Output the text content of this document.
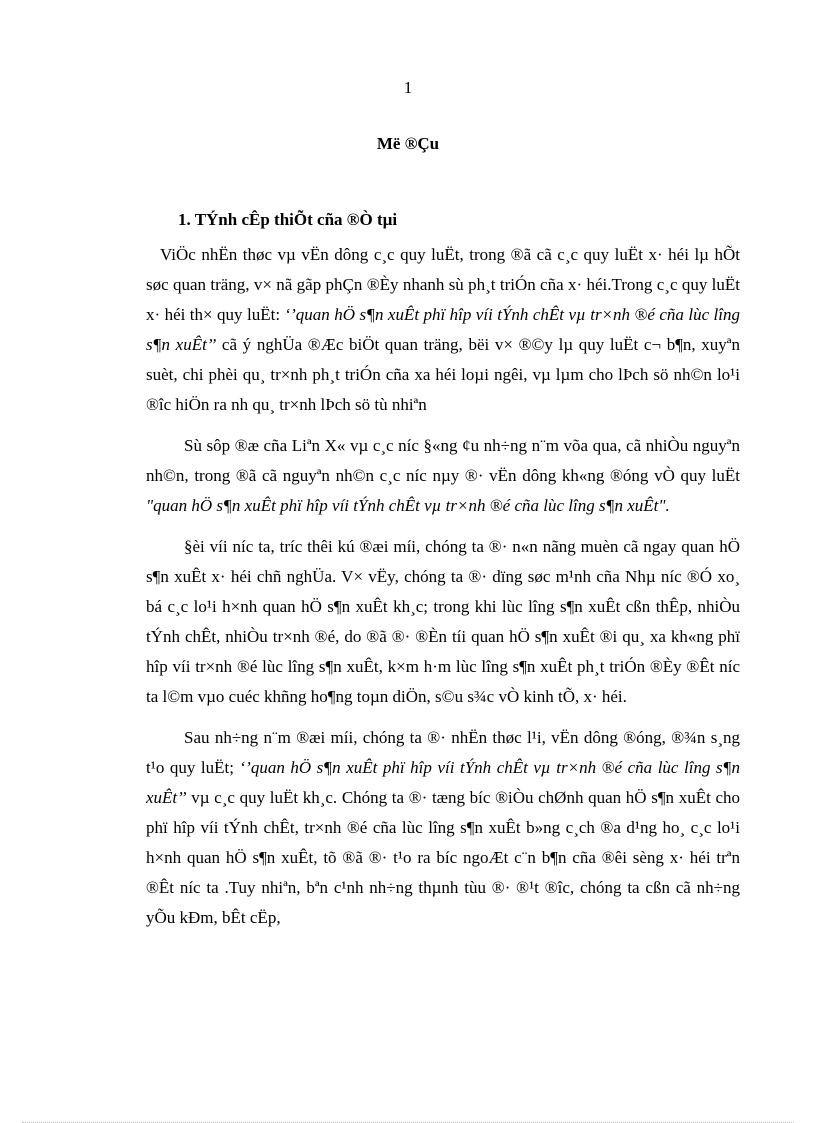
1
Më ®Çu
1. TÝnh cÊp thiÕt cña ®Ò tµi

ViÖc nhËn thøc vµ vËn dông c¸c quy luËt, trong ®ã cã c¸c quy luËt x· héi lµ hÕt søc quan träng, v× nã gãp phÇn ®Èy nhanh sù ph¸t triÓn cña x· héi.Trong c¸c quy luËt x· héi th× quy luËt: ‘’quan hÖ s¶n xuÊt phï hîp víi tÝnh chÊt vµ tr×nh ®é cña lùc lîng s¶n xuÊt’’ cã ý nghÜa ®Æc biÖt quan träng, bëi v× ®©y lµ quy luËt c¬ b¶n, xuyªn suèt, chi phèi qu¸ tr×nh ph¸t triÓn cña xa héi loµi ngêi, vµ lµm cho lÞch sö nh©n lo¹i ®îc hiÖn ra nh qu¸ tr×nh lÞch sö tù nhiªn

Sù sôp ®æ cña Liªn X« vµ c¸c níc §«ng ¢u nh÷ng n¨m võa qua, cã nhiÒu nguyªn nh©n, trong ®ã cã nguyªn nh©n c¸c níc nµy ®· vËn dông kh«ng ®óng vÒ quy luËt "quan hÖ s¶n xuÊt phï hîp víi tÝnh chÊt vµ tr×nh ®é cña lùc lîng s¶n xuÊt".

§èi víi níc ta, tríc thêi kú ®æi míi, chóng ta ®· n«n nãng muèn cã ngay quan hÖ s¶n xuÊt x· héi chñ nghÜa. V× vËy, chóng ta ®· dïng søc m¹nh cña Nhµ níc ®Ó xo¸ bá c¸c lo¹i h×nh quan hÖ s¶n xuÊt kh¸c; trong khi lùc lîng s¶n xuÊt cßn thÊp, nhiÒu tÝnh chÊt, nhiÒu tr×nh ®é, do ®ã ®· ®Èn tíi quan hÖ s¶n xuÊt ®i qu¸ xa kh«ng phï hîp víi tr×nh ®é lùc lîng s¶n xuÊt, k×m h·m lùc lîng s¶n xuÊt ph¸t triÓn ®Èy ®Êt níc ta l©m vµo cuéc khñng ho¶ng toµn diÖn, s©u s¾c vÒ kinh tÕ, x· héi.

Sau nh÷ng n¨m ®æi míi, chóng ta ®· nhËn thøc l¹i, vËn dông ®óng, ®¾n s¸ng t¹o quy luËt; ‘’quan hÖ s¶n xuÊt phï hîp víi tÝnh chÊt vµ tr×nh ®é cña lùc lîng s¶n xuÊt’’ vµ c¸c quy luËt kh¸c. Chóng ta ®· tæng bíc ®iÒu chØnh quan hÖ s¶n xuÊt cho phï hîp víi tÝnh chÊt, tr×nh ®é cña lùc lîng s¶n xuÊt b»ng c¸ch ®a d¹ng ho¸ c¸c lo¹i h×nh quan hÖ s¶n xuÊt, tõ ®ã ®· t¹o ra bíc ngoÆt c¨n b¶n cña ®êi sèng x· héi trªn ®Êt níc ta .Tuy nhiªn, bªn c¹nh nh÷ng thµnh tùu ®· ®¹t ®îc, chóng ta cßn cã nh÷ng yÕu kÐm, bÊt cËp,
